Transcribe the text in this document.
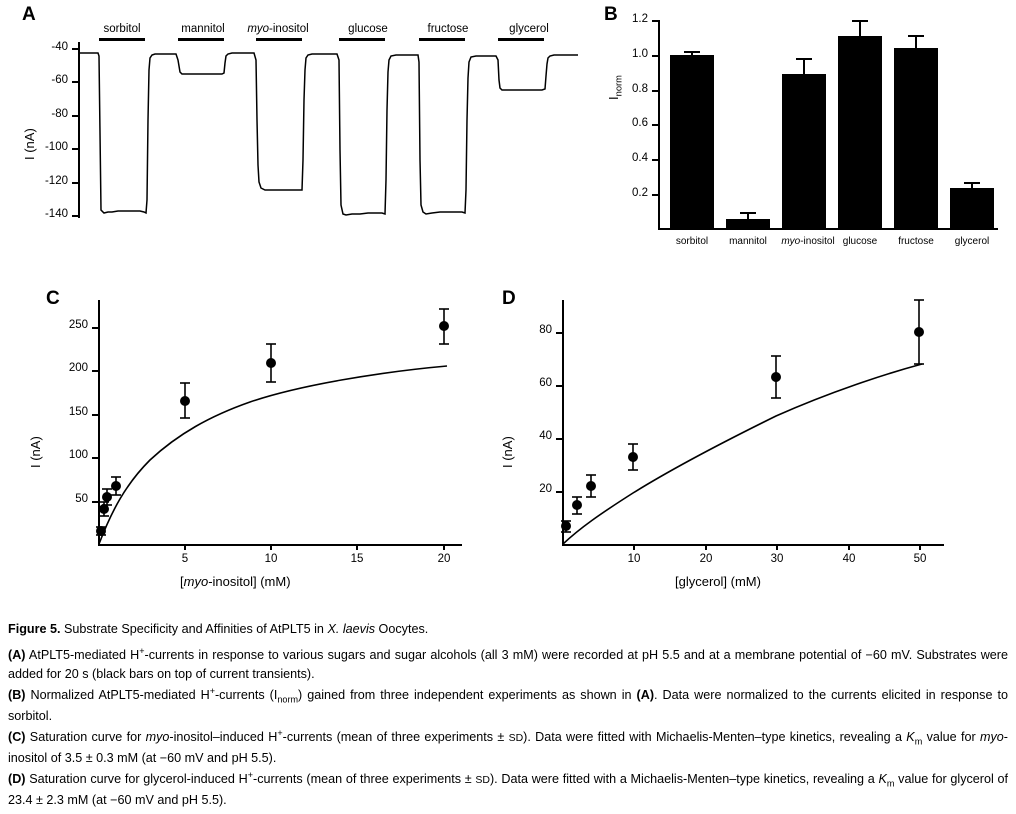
A
I (nA)
-40
-60
-80
-100
-120
-140
sorbitol	mannitol	myo-inositol	glucose	fructose	glycerol
B
$I_{norm}$
0.2
0.4
0.6
0.8
1.0
1.2
sorbitol	mannitol	myo-inositol glucose	fructose	glycerol
C
I (nA)
50
100
150
200
250
5	10	15	20
[myo-inositol] (mM)
D
I (nA)
20
40
60
80
10	20	30	40	50
[glycerol] (mM)
Figure 5. Substrate Specificity and Affinities of AtPLT5 in X. laevis Oocytes.

(A) AtPLT5-mediated H+-currents in response to various sugars and sugar alcohols (all 3 mM) were recorded at pH 5.5 and at a membrane potential of −60 mV. Substrates were added for 20 s (black bars on top of current transients).

(B) Normalized AtPLT5-mediated H+-currents $(I_{norm})$ gained from three independent experiments as shown in (A). Data were normalized to the currents elicited in response to sorbitol.

(C) Saturation curve for myo-inositol–induced H+-currents (mean of three experiments ± SD). Data were fitted with Michaelis-Menten–type kinetics, revealing a $K_m$ value for myo-inositol of 3.5 ± 0.3 mM (at −60 mV and pH 5.5).

(D) Saturation curve for glycerol-induced H+-currents (mean of three experiments ± SD). Data were fitted with a Michaelis-Menten–type kinetics, revealing a $K_m$ value for glycerol of 23.4 ± 2.3 mM (at −60 mV and pH 5.5).
